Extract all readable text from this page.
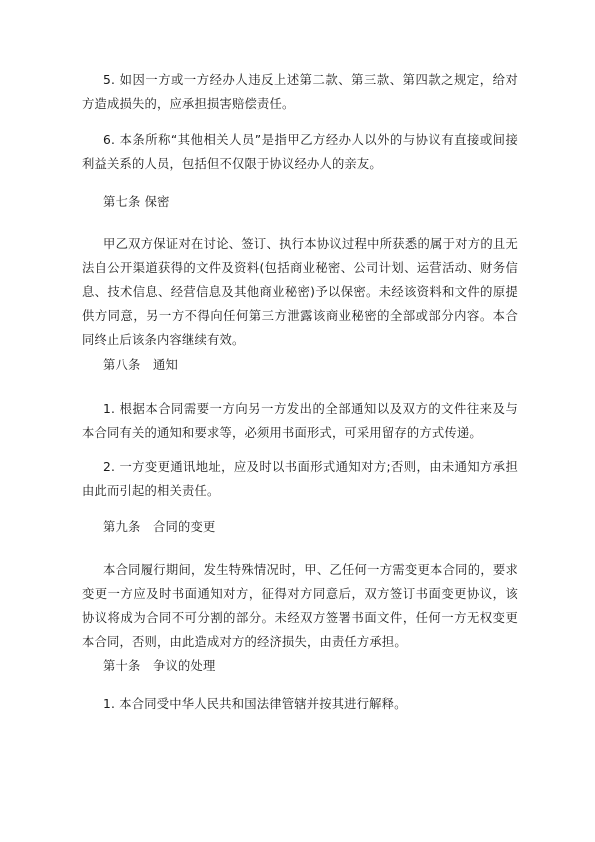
5. 如因一方或一方经办人违反上述第二款、第三款、第四款之规定，给对方造成损失的，应承担损害赔偿责任。

6. 本条所称“其他相关人员”是指甲乙方经办人以外的与协议有直接或间接利益关系的人员，包括但不仅限于协议经办人的亲友。

第七条 保密

甲乙双方保证对在讨论、签订、执行本协议过程中所获悉的属于对方的且无法自公开渠道获得的文件及资料(包括商业秘密、公司计划、运营活动、财务信息、技术信息、经营信息及其他商业秘密)予以保密。未经该资料和文件的原提供方同意，另一方不得向任何第三方泄露该商业秘密的全部或部分内容。本合同终止后该条内容继续有效。

第八条　通知

1. 根据本合同需要一方向另一方发出的全部通知以及双方的文件往来及与本合同有关的通知和要求等，必须用书面形式，可采用留存的方式传递。

2. 一方变更通讯地址，应及时以书面形式通知对方;否则，由未通知方承担由此而引起的相关责任。

第九条　合同的变更

本合同履行期间，发生特殊情况时，甲、乙任何一方需变更本合同的，要求变更一方应及时书面通知对方，征得对方同意后，双方签订书面变更协议，该协议将成为合同不可分割的部分。未经双方签署书面文件，任何一方无权变更本合同，否则，由此造成对方的经济损失，由责任方承担。

第十条　争议的处理

1. 本合同受中华人民共和国法律管辖并按其进行解释。
